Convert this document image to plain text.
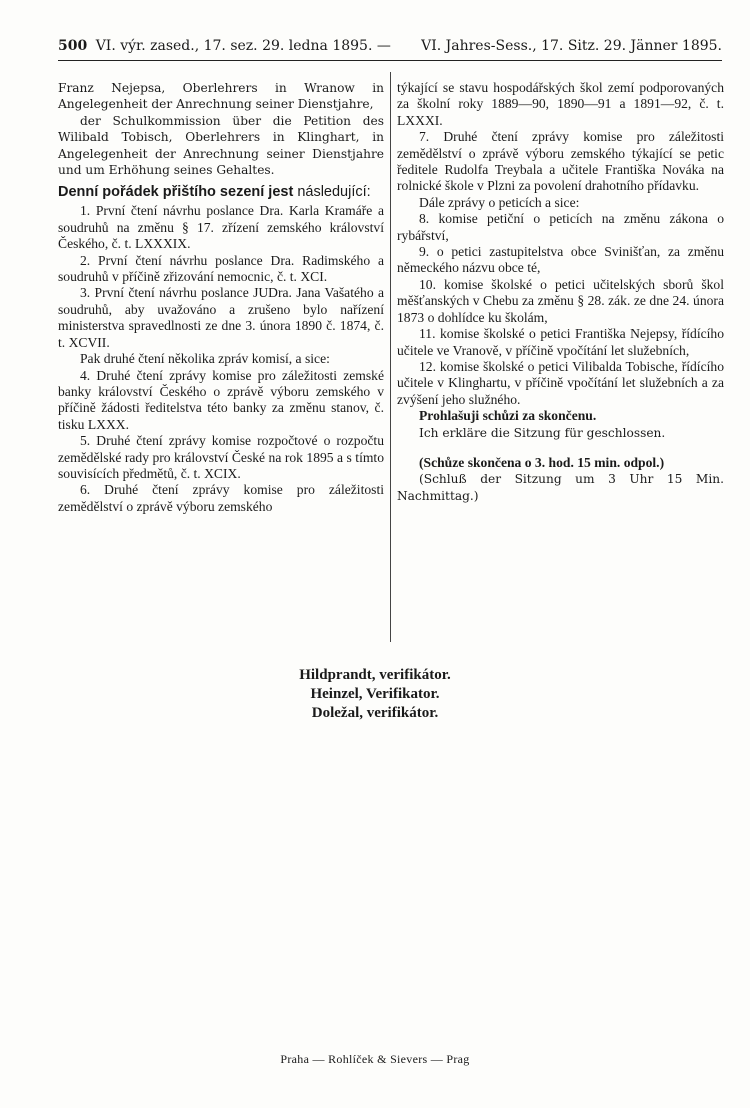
500 VI. výr. zased., 17. sez. 29. ledna 1895. — VI. Jahres-Sess., 17. Sitz. 29. Jänner 1895.

Franz Nejepsa, Oberlehrers in Wranow in Angelegenheit der Anrechnung seiner Dienstjahre,

der Schulkommission über die Petition des Wilibald Tobisch, Oberlehrers in Klinghart, in Angelegenheit der Anrechnung seiner Dienstjahre und um Erhöhung seines Gehaltes.

Denní pořádek přištího sezení jest následující:

1. První čtení návrhu poslance Dra. Karla Kramáře a soudruhů na změnu § 17. zřízení zemského království Českého, č. t. LXXXIX.

2. První čtení návrhu poslance Dra. Radimského a soudruhů v příčině zřizování nemocnic, č. t. XCI.

3. První čtení návrhu poslance JUDra. Jana Vašatého a soudruhů, aby uvažováno a zrušeno bylo nařízení ministerstva spravedlnosti ze dne 3. února 1890 č. 1874, č. t. XCVII.

Pak druhé čtení několika zpráv komisí, a sice:

4. Druhé čtení zprávy komise pro záležitosti zemské banky království Českého o zprávě výboru zemského v příčině žádosti ředitelstva této banky za změnu stanov, č. tisku LXXX.

5. Druhé čtení zprávy komise rozpočtové o rozpočtu zemědělské rady pro království České na rok 1895 a s tímto souvisících předmětů, č. t. XCIX.

6. Druhé čtení zprávy komise pro záležitosti zemědělství o zprávě výboru zemského

týkající se stavu hospodářských škol zemí podporovaných za školní roky 1889—90, 1890—91 a 1891—92, č. t. LXXXI.

7. Druhé čtení zprávy komise pro záležitosti zemědělství o zprávě výboru zemského týkající se petic ředitele Rudolfa Treybala a učitele Františka Nováka na rolnické škole v Plzni za povolení drahotního přídavku.

Dále zprávy o peticích a sice:

8. komise petiční o peticích na změnu zákona o rybářství,

9. o petici zastupitelstva obce Svinišťan, za změnu německého názvu obce té,

10. komise školské o petici učitelských sborů škol měšťanských v Chebu za změnu § 28. zák. ze dne 24. února 1873 o dohlídce ku školám,

11. komise školské o petici Františka Nejepsy, řídícího učitele ve Vranově, v příčině vpočítání let služebních,

12. komise školské o petici Vilibalda Tobische, řídícího učitele v Klinghartu, v příčině vpočítání let služebních a za zvýšení jeho služného.

Prohlašuji schůzi za skončenu.

Ich erkläre die Sitzung für geschlossen.

(Schůze skončena o 3. hod. 15 min. odpol.)

(Schluß der Sitzung um 3 Uhr 15 Min. Nachmittag.)

Hildprandt, verifikátor.
Heinzel, Verifikator.
Doležal, verifikátor.
Praha — Rohlíček & Sievers — Prag
